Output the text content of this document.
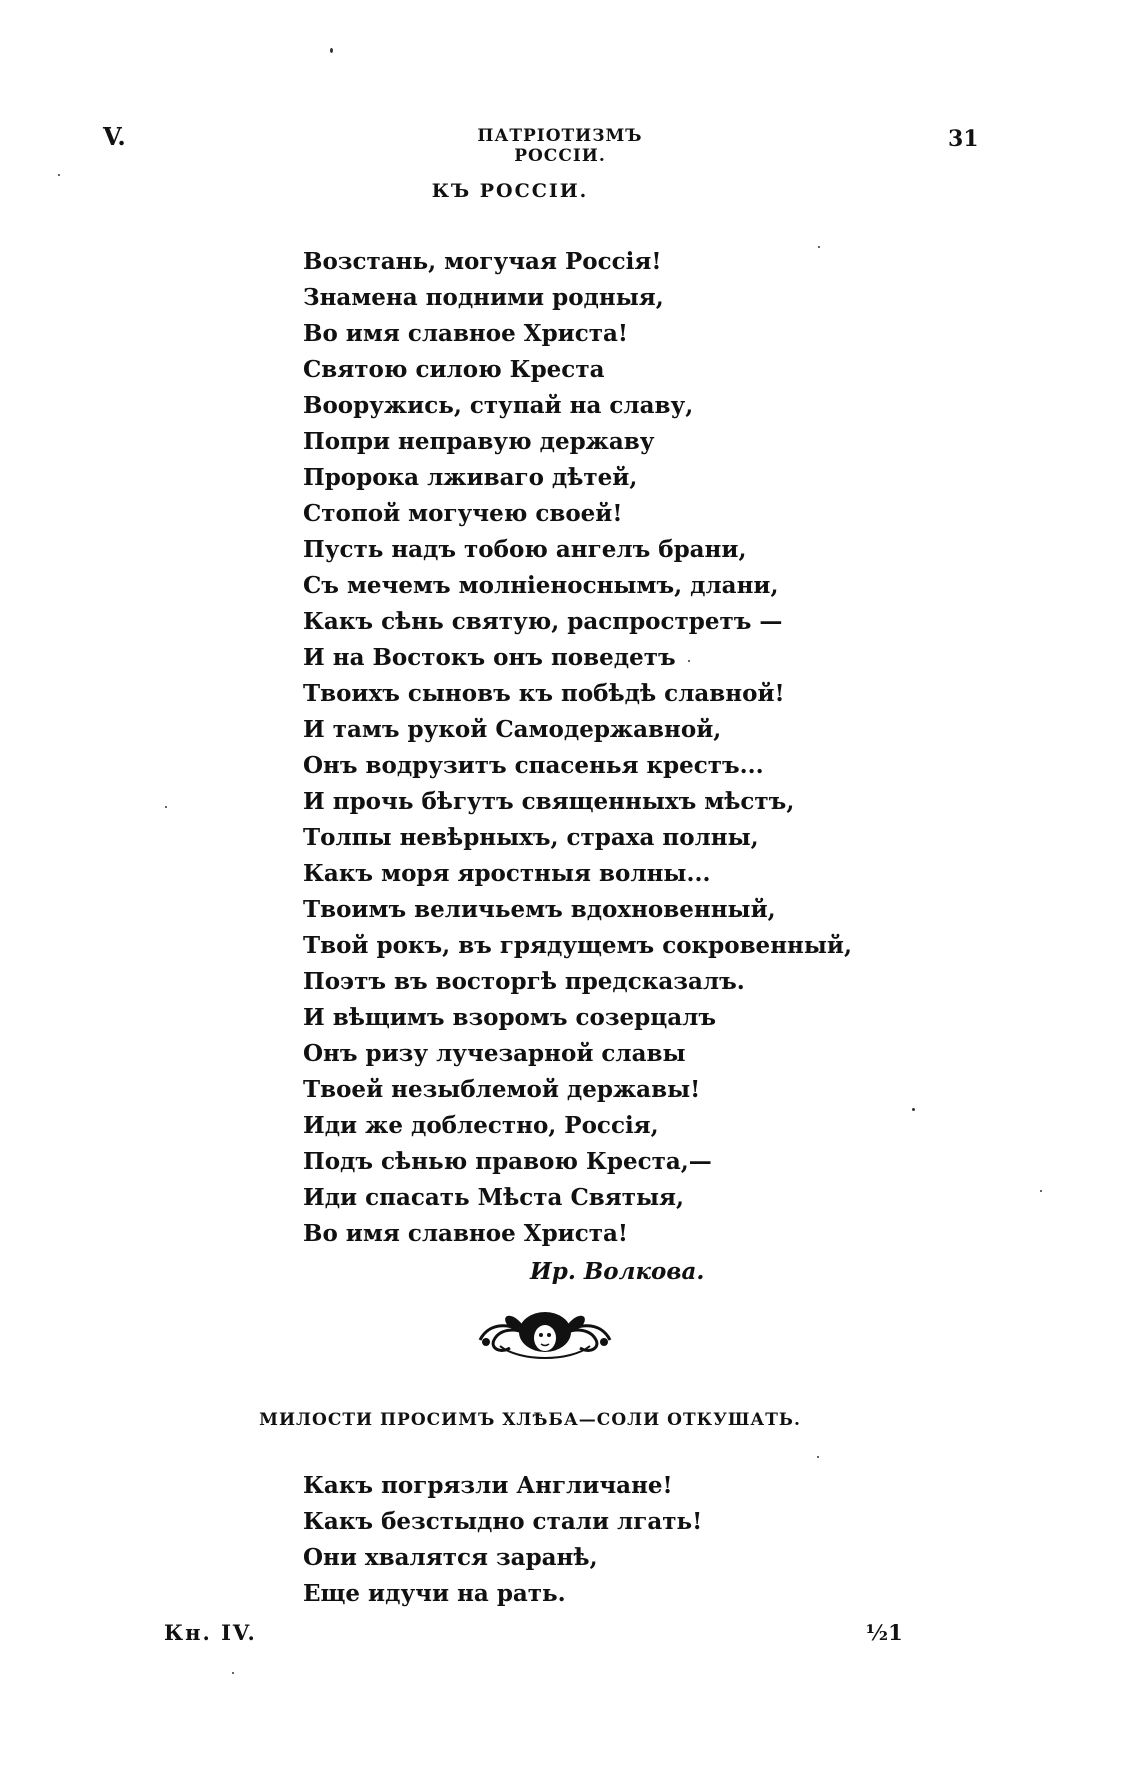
V.	ПАТРІОТИЗМЪ РОССІИ.
31
КЪ РОССІИ.
Возстань, могучая Россія!
Знамена подними родныя,
Во имя славное Христа!
Святою силою Креста
Вооружись, ступай на славу,
Попри неправую державу
Пророка лживаго дѣтей,
Стопой могучею своей!
Пусть надъ тобою ангелъ брани,
Съ мечемъ молніеноснымъ, длани,
Какъ сѣнь святую, распрострeтъ —
И на Востокъ онъ поведетъ
Твоихъ сыновъ къ побѣдѣ славной!
И тамъ рукой Самодержавной,
Онъ водрузитъ спасенья крестъ...
И прочь бѣгутъ священныхъ мѣстъ,
Толпы невѣрныхъ, страха полны,
Какъ моря яростныя волны...
Твоимъ величьемъ вдохновенный,
Твой рокъ, въ грядущемъ сокровенный,
Поэтъ въ восторгѣ предсказалъ.
И вѣщимъ взоромъ созерцалъ
Онъ ризу лучезарной славы
Твоей незыблемой державы!
Иди же доблестно, Россія,
Подъ сѣнью правою Креста,—
Иди спасать Мѣста Святыя,
Во имя славное Христа!
Ир. Волкова.
МИЛОСТИ ПРОСИМЪ ХЛѢБА—СОЛИ ОТКУШАТЬ.
Какъ погрязли Англичане!
Какъ безстыдно стали лгать!
Они хвалятся заранѣ,
Еще идучи на рать.
Кн. IV.	⅟₂1
